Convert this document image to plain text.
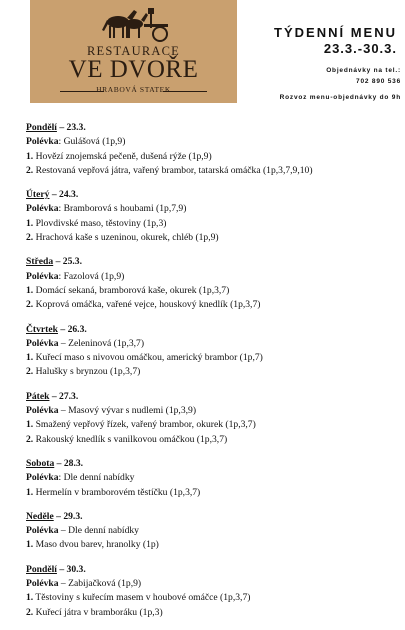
RESTAURACE
VE DVOŘE
HRABOVÁ STATEK
TÝDENNÍ MENU
23.3.-30.3.
Objednávky na tel.:
702 890 536
Rozvoz menu-objednávky do 9h
Pondělí – 23.3.
Polévka: Gulášová (1p,9)
1. Hovězí znojemská pečeně, dušená rýže (1p,9)
2. Restovaná vepřová játra, vařený brambor, tatarská omáčka (1p,3,7,9,10)
Úterý – 24.3.
Polévka: Bramborová s houbami (1p,7,9)
1. Plovdivské maso, těstoviny (1p,3)
2. Hrachová kaše s uzeninou, okurek, chléb (1p,9)
Středa – 25.3.
Polévka: Fazolová (1p,9)
1. Domácí sekaná, bramborová kaše, okurek (1p,3,7)
2. Koprová omáčka, vařené vejce, houskový knedlík (1p,3,7)
Čtvrtek – 26.3.
Polévka – Zeleninová (1p,3,7)
1. Kuřecí maso s nivovou omáčkou, americký brambor (1p,7)
2. Halušky s brynzou (1p,3,7)
Pátek – 27.3.
Polévka – Masový vývar s nudlemi (1p,3,9)
1. Smažený vepřový řízek, vařený brambor, okurek (1p,3,7)
2. Rakouský knedlík s vanilkovou omáčkou (1p,3,7)
Sobota – 28.3.
Polévka: Dle denní nabídky
1. Hermelín v bramborovém těstíčku (1p,3,7)
Neděle – 29.3.
Polévka – Dle denní nabídky
1. Maso dvou barev, hranolky (1p)
Pondělí – 30.3.
Polévka – Zabijačková (1p,9)
1. Těstoviny s kuřecím masem v houbové omáčce (1p,3,7)
2. Kuřecí játra v bramboráku (1p,3)
